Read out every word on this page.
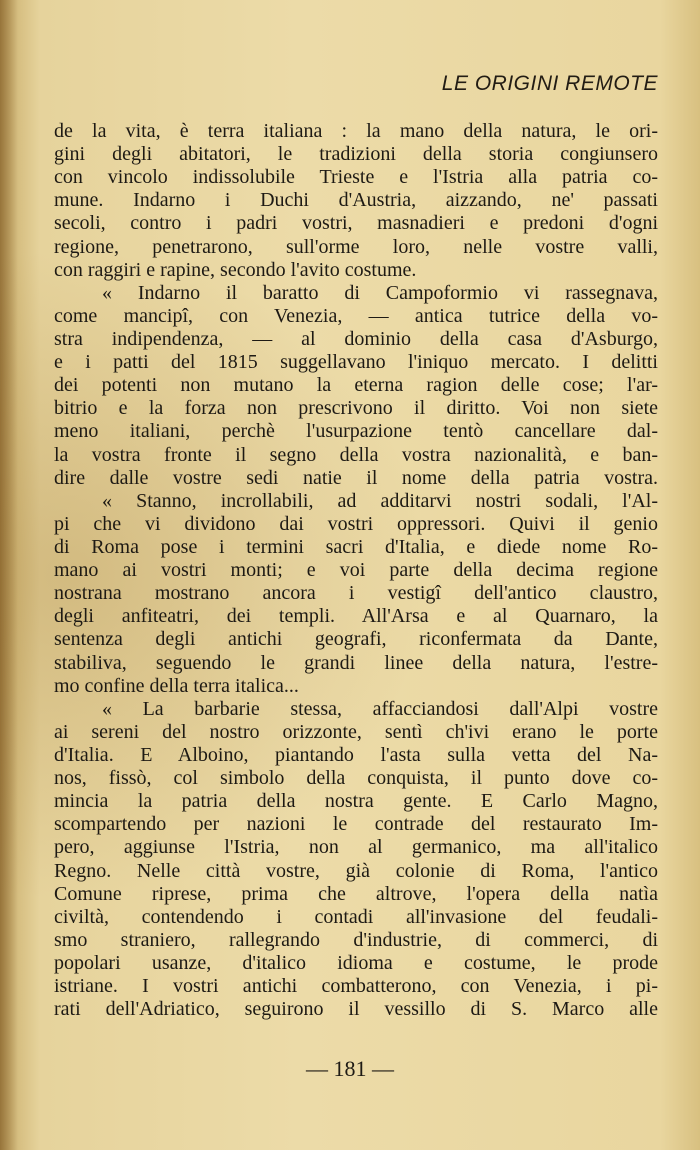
LE ORIGINI REMOTE
de la vita, è terra italiana : la mano della natura, le ori-
gini degli abitatori, le tradizioni della storia congiunsero
con vincolo indissolubile Trieste e l'Istria alla patria co-
mune. Indarno i Duchi d'Austria, aizzando, ne' passati
secoli, contro i padri vostri, masnadieri e predoni d'ogni
regione, penetrarono, sull'orme loro, nelle vostre valli,
con raggiri e rapine, secondo l'avito costume.
« Indarno il baratto di Campoformio vi rassegnava,
come mancipî, con Venezia, — antica tutrice della vo-
stra indipendenza, — al dominio della casa d'Asburgo,
e i patti del 1815 suggellavano l'iniquo mercato. I delitti
dei potenti non mutano la eterna ragion delle cose; l'ar-
bitrio e la forza non prescrivono il diritto. Voi non siete
meno italiani, perchè l'usurpazione tentò cancellare dal-
la vostra fronte il segno della vostra nazionalità, e ban-
dire dalle vostre sedi natie il nome della patria vostra.
« Stanno, incrollabili, ad additarvi nostri sodali, l'Al-
pi che vi dividono dai vostri oppressori. Quivi il genio
di Roma pose i termini sacri d'Italia, e diede nome Ro-
mano ai vostri monti; e voi parte della decima regione
nostrana mostrano ancora i vestigî dell'antico claustro,
degli anfiteatri, dei templi. All'Arsa e al Quarnaro, la
sentenza degli antichi geografi, riconfermata da Dante,
stabiliva, seguendo le grandi linee della natura, l'estre-
mo confine della terra italica...
« La barbarie stessa, affacciandosi dall'Alpi vostre
ai sereni del nostro orizzonte, sentì ch'ivi erano le porte
d'Italia. E Alboino, piantando l'asta sulla vetta del Na-
nos, fissò, col simbolo della conquista, il punto dove co-
mincia la patria della nostra gente. E Carlo Magno,
scompartendo per nazioni le contrade del restaurato Im-
pero, aggiunse l'Istria, non al germanico, ma all'italico
Regno. Nelle città vostre, già colonie di Roma, l'antico
Comune riprese, prima che altrove, l'opera della natìa
civiltà, contendendo i contadi all'invasione del feudali-
smo straniero, rallegrando d'industrie, di commerci, di
popolari usanze, d'italico idioma e costume, le prode
istriane. I vostri antichi combatterono, con Venezia, i pi-
rati dell'Adriatico, seguirono il vessillo di S. Marco alle
— 181 —
